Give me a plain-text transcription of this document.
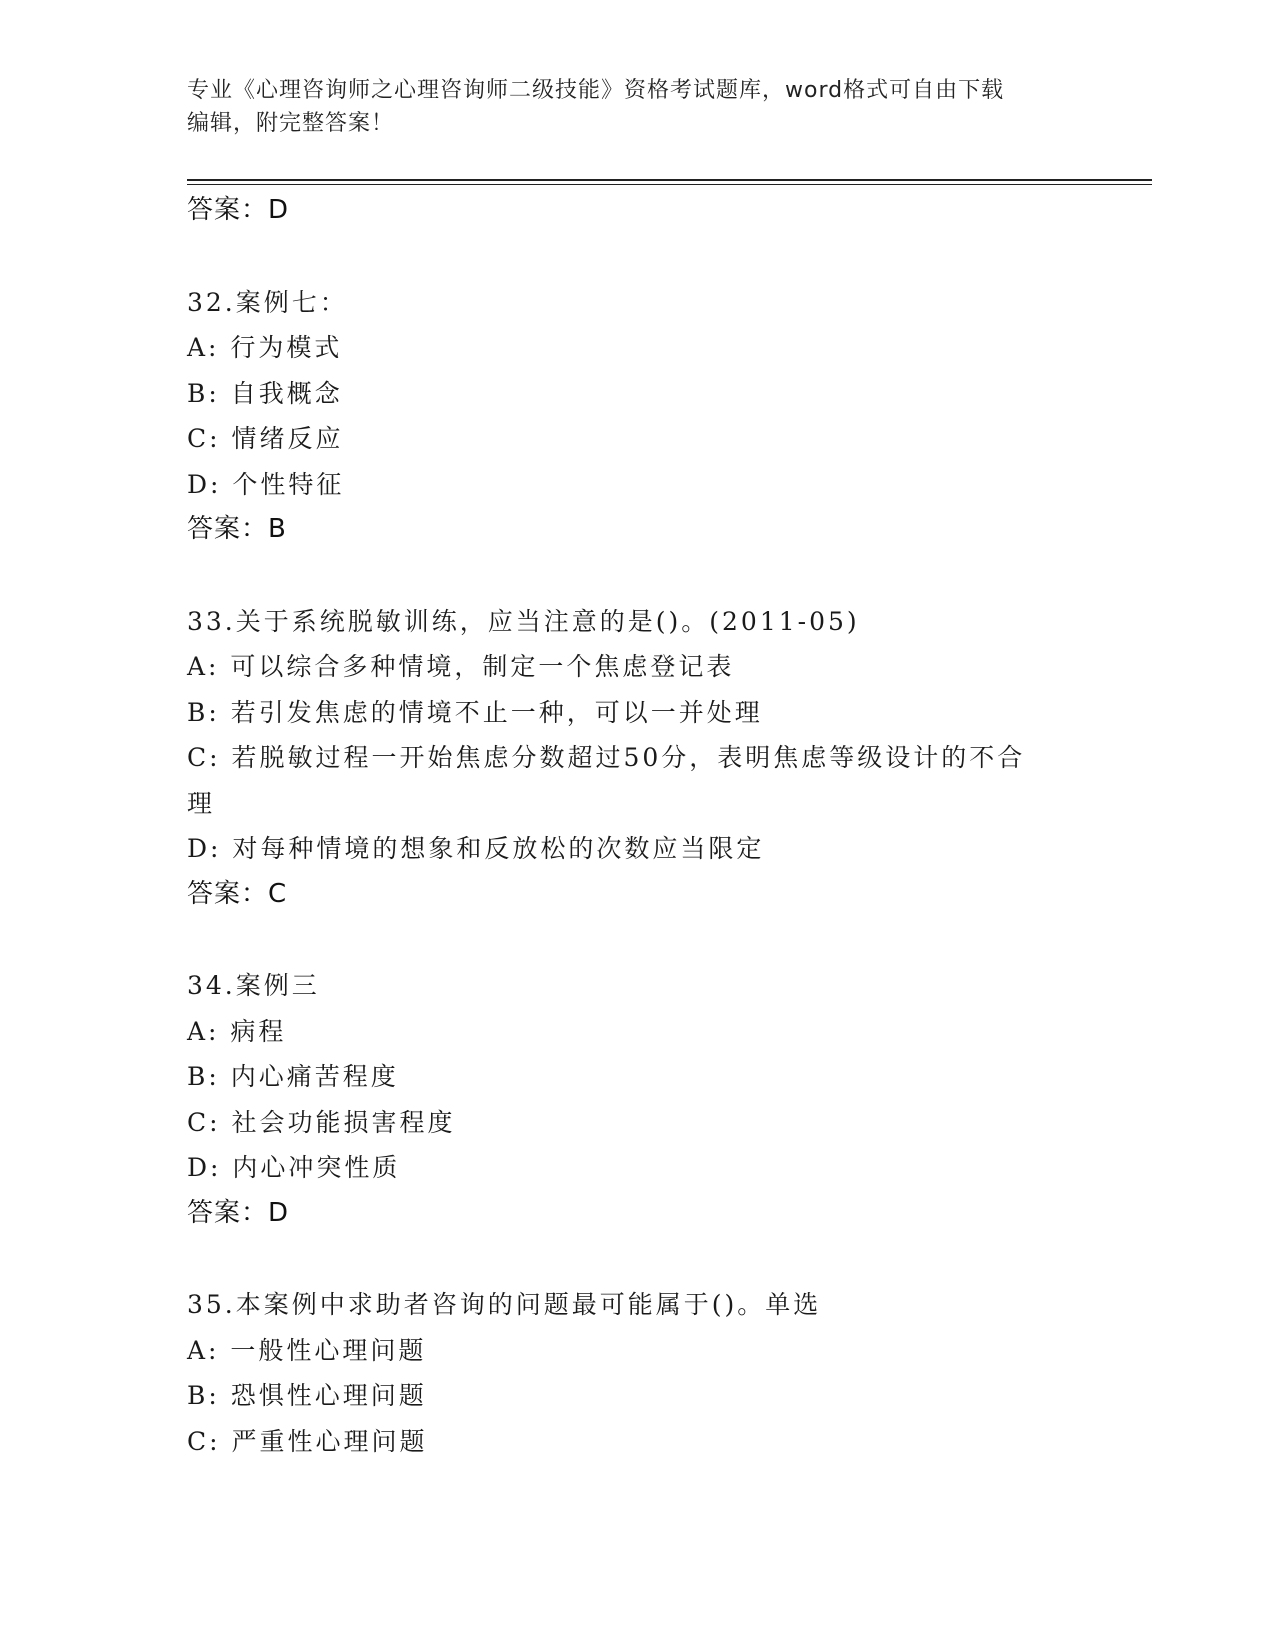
专业《心理咨询师之心理咨询师二级技能》资格考试题库，word格式可自由下载
编辑，附完整答案！
答案：D
32.案例七：
A: 行为模式
B: 自我概念
C: 情绪反应
D: 个性特征
答案：B
33.关于系统脱敏训练，应当注意的是()。(2011-05)
A: 可以综合多种情境，制定一个焦虑登记表
B: 若引发焦虑的情境不止一种，可以一并处理
C: 若脱敏过程一开始焦虑分数超过50分，表明焦虑等级设计的不合
理
D: 对每种情境的想象和反放松的次数应当限定
答案：C
34.案例三
A: 病程
B: 内心痛苦程度
C: 社会功能损害程度
D: 内心冲突性质
答案：D
35.本案例中求助者咨询的问题最可能属于()。单选
A: 一般性心理问题
B: 恐惧性心理问题
C: 严重性心理问题
